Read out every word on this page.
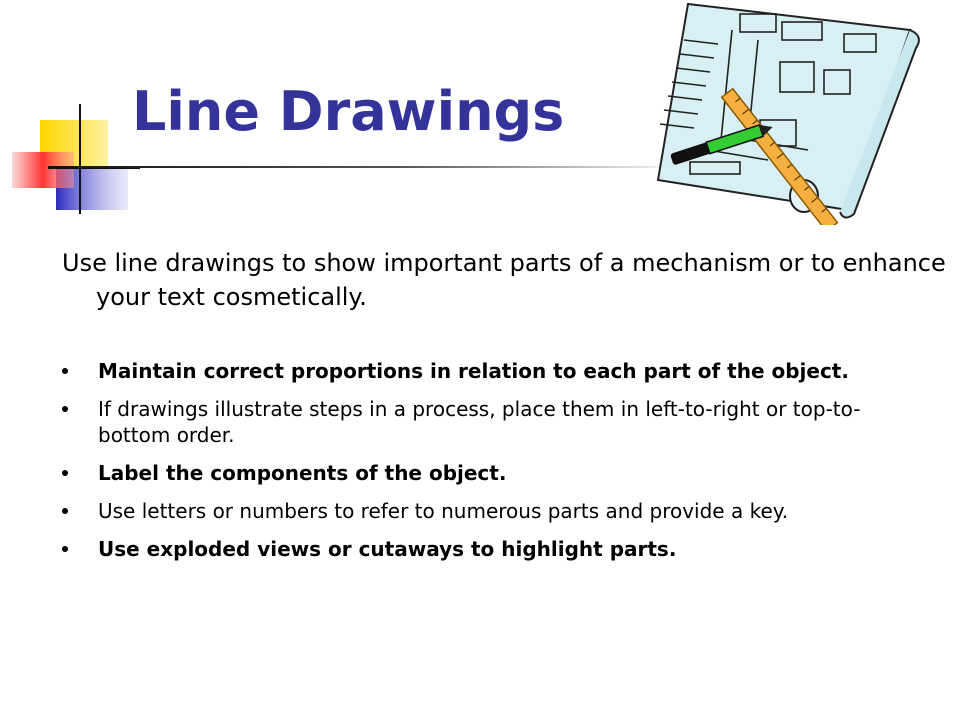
Line Drawings
Use line drawings to show important parts of a mechanism or to enhance your text cosmetically.
Maintain correct proportions in relation to each part of the object.
If drawings illustrate steps in a process, place them in left-to-right or top-to-bottom order.
Label the components of the object.
Use letters or numbers to refer to numerous parts and provide a key.
Use exploded views or cutaways to highlight parts.
